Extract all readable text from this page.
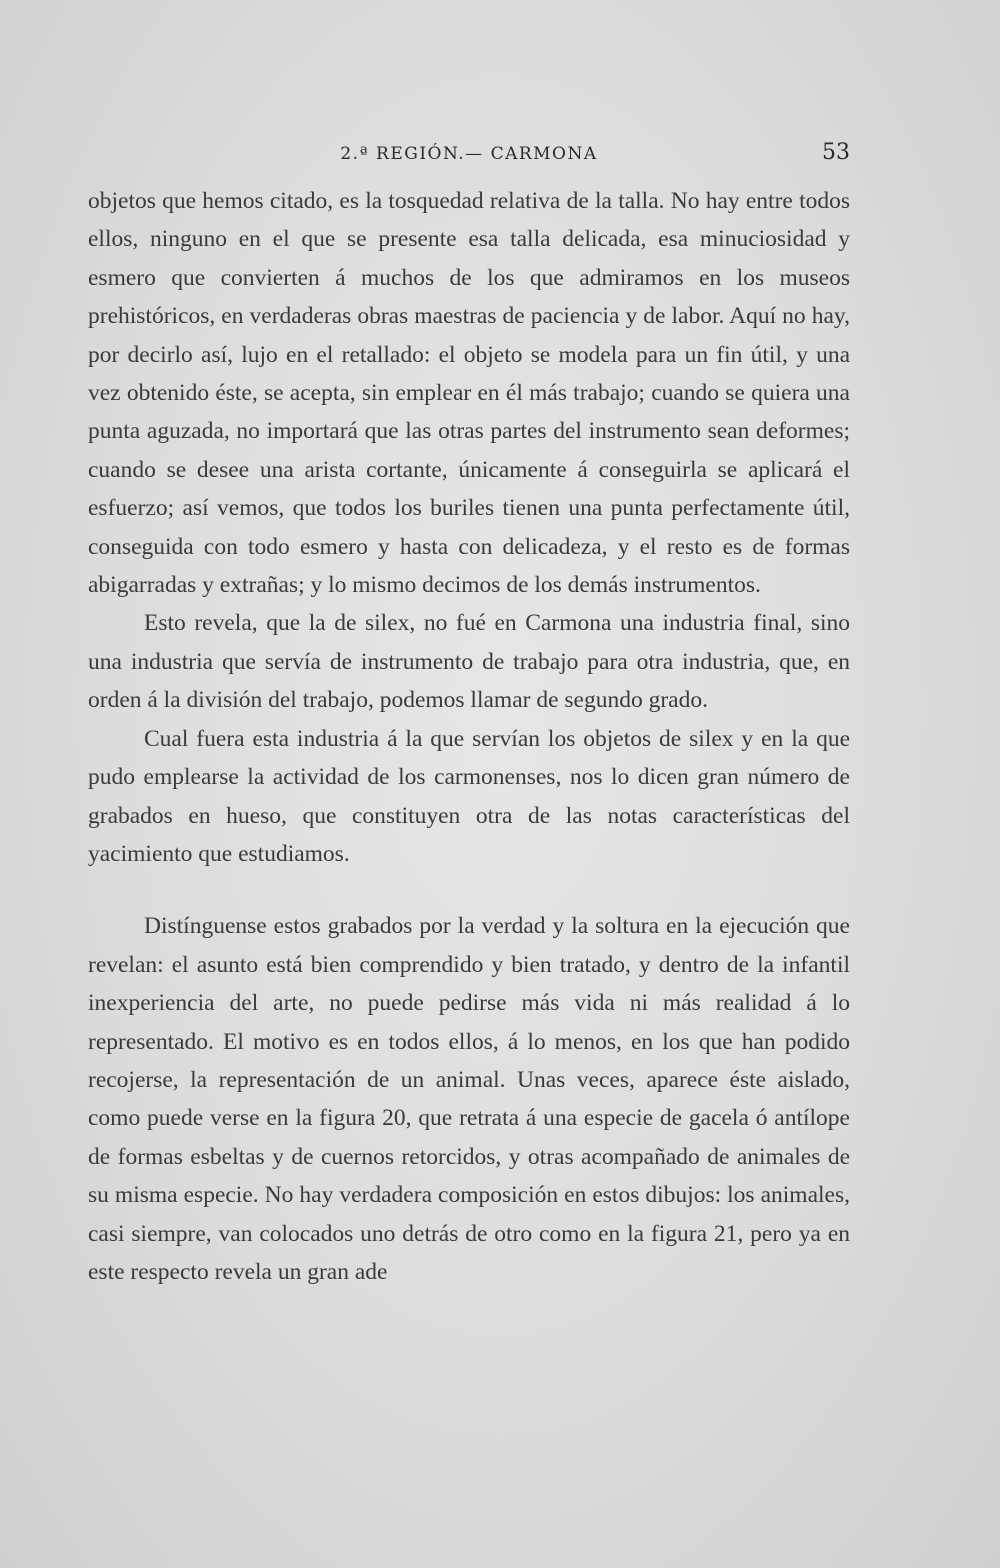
2.ª REGIÓN.— CARMONA	53

objetos que hemos citado, es la tosquedad relativa de la talla. No hay entre todos ellos, ninguno en el que se presente esa talla delicada, esa minuciosidad y esmero que convierten á muchos de los que admiramos en los museos prehistóricos, en verdaderas obras maestras de paciencia y de labor. Aquí no hay, por decirlo así, lujo en el retallado: el objeto se modela para un fin útil, y una vez obtenido éste, se acepta, sin emplear en él más trabajo; cuando se quiera una punta aguzada, no importará que las otras partes del instrumento sean deformes; cuando se desee una arista cortante, únicamente á conseguirla se aplicará el esfuerzo; así vemos, que todos los buriles tienen una punta perfectamente útil, conseguida con todo esmero y hasta con delicadeza, y el resto es de formas abigarradas y extrañas; y lo mismo decimos de los demás instrumentos.

Esto revela, que la de silex, no fué en Carmona una industria final, sino una industria que servía de instrumento de trabajo para otra industria, que, en orden á la división del trabajo, podemos llamar de segundo grado.

Cual fuera esta industria á la que servían los objetos de silex y en la que pudo emplearse la actividad de los carmonenses, nos lo dicen gran número de grabados en hueso, que constituyen otra de las notas características del yacimiento que estudiamos.

Distínguense estos grabados por la verdad y la soltura en la ejecución que revelan: el asunto está bien comprendido y bien tratado, y dentro de la infantil inexperiencia del arte, no puede pedirse más vida ni más realidad á lo representado. El motivo es en todos ellos, á lo menos, en los que han podido recojerse, la representación de un animal. Unas veces, aparece éste aislado, como puede verse en la figura 20, que retrata á una especie de gacela ó antílope de formas esbeltas y de cuernos retorcidos, y otras acompañado de animales de su misma especie. No hay verdadera composición en estos dibujos: los animales, casi siempre, van colocados uno detrás de otro como en la figura 21, pero ya en este respecto revela un gran ade
